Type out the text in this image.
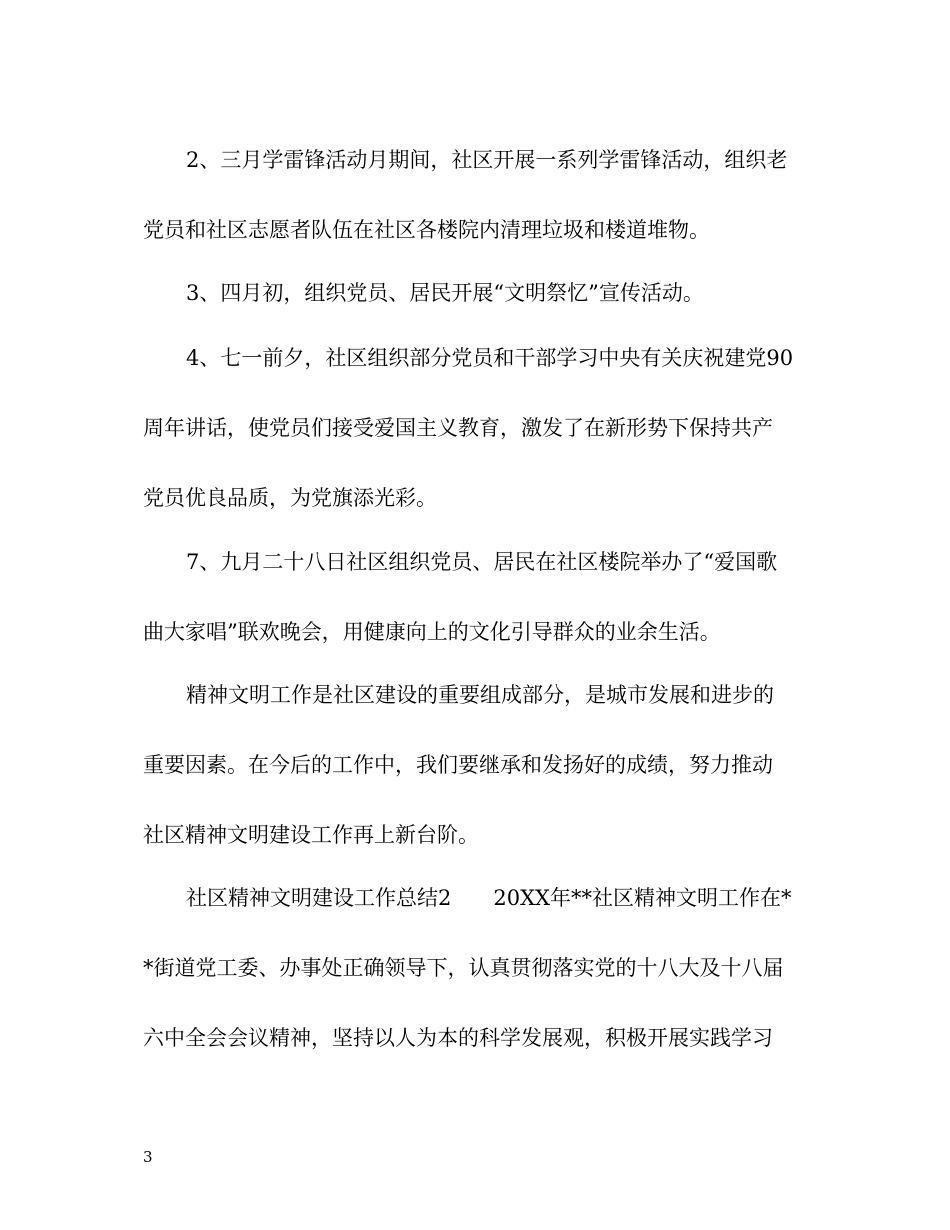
2、三月学雷锋活动月期间，社区开展一系列学雷锋活动，组织老

党员和社区志愿者队伍在社区各楼院内清理垃圾和楼道堆物。

3、四月初，组织党员、居民开展“文明祭忆”宣传活动。

4、七一前夕，社区组织部分党员和干部学习中央有关庆祝建党90

周年讲话，使党员们接受爱国主义教育，激发了在新形势下保持共产

党员优良品质，为党旗添光彩。

7、九月二十八日社区组织党员、居民在社区楼院举办了“爱国歌

曲大家唱”联欢晚会，用健康向上的文化引导群众的业余生活。

精神文明工作是社区建设的重要组成部分，是城市发展和进步的

重要因素。在今后的工作中，我们要继承和发扬好的成绩，努力推动

社区精神文明建设工作再上新台阶。

社区精神文明建设工作总结2　　20XX年**社区精神文明工作在*

*街道党工委、办事处正确领导下，认真贯彻落实党的十八大及十八届

六中全会会议精神，坚持以人为本的科学发展观，积极开展实践学习

3
